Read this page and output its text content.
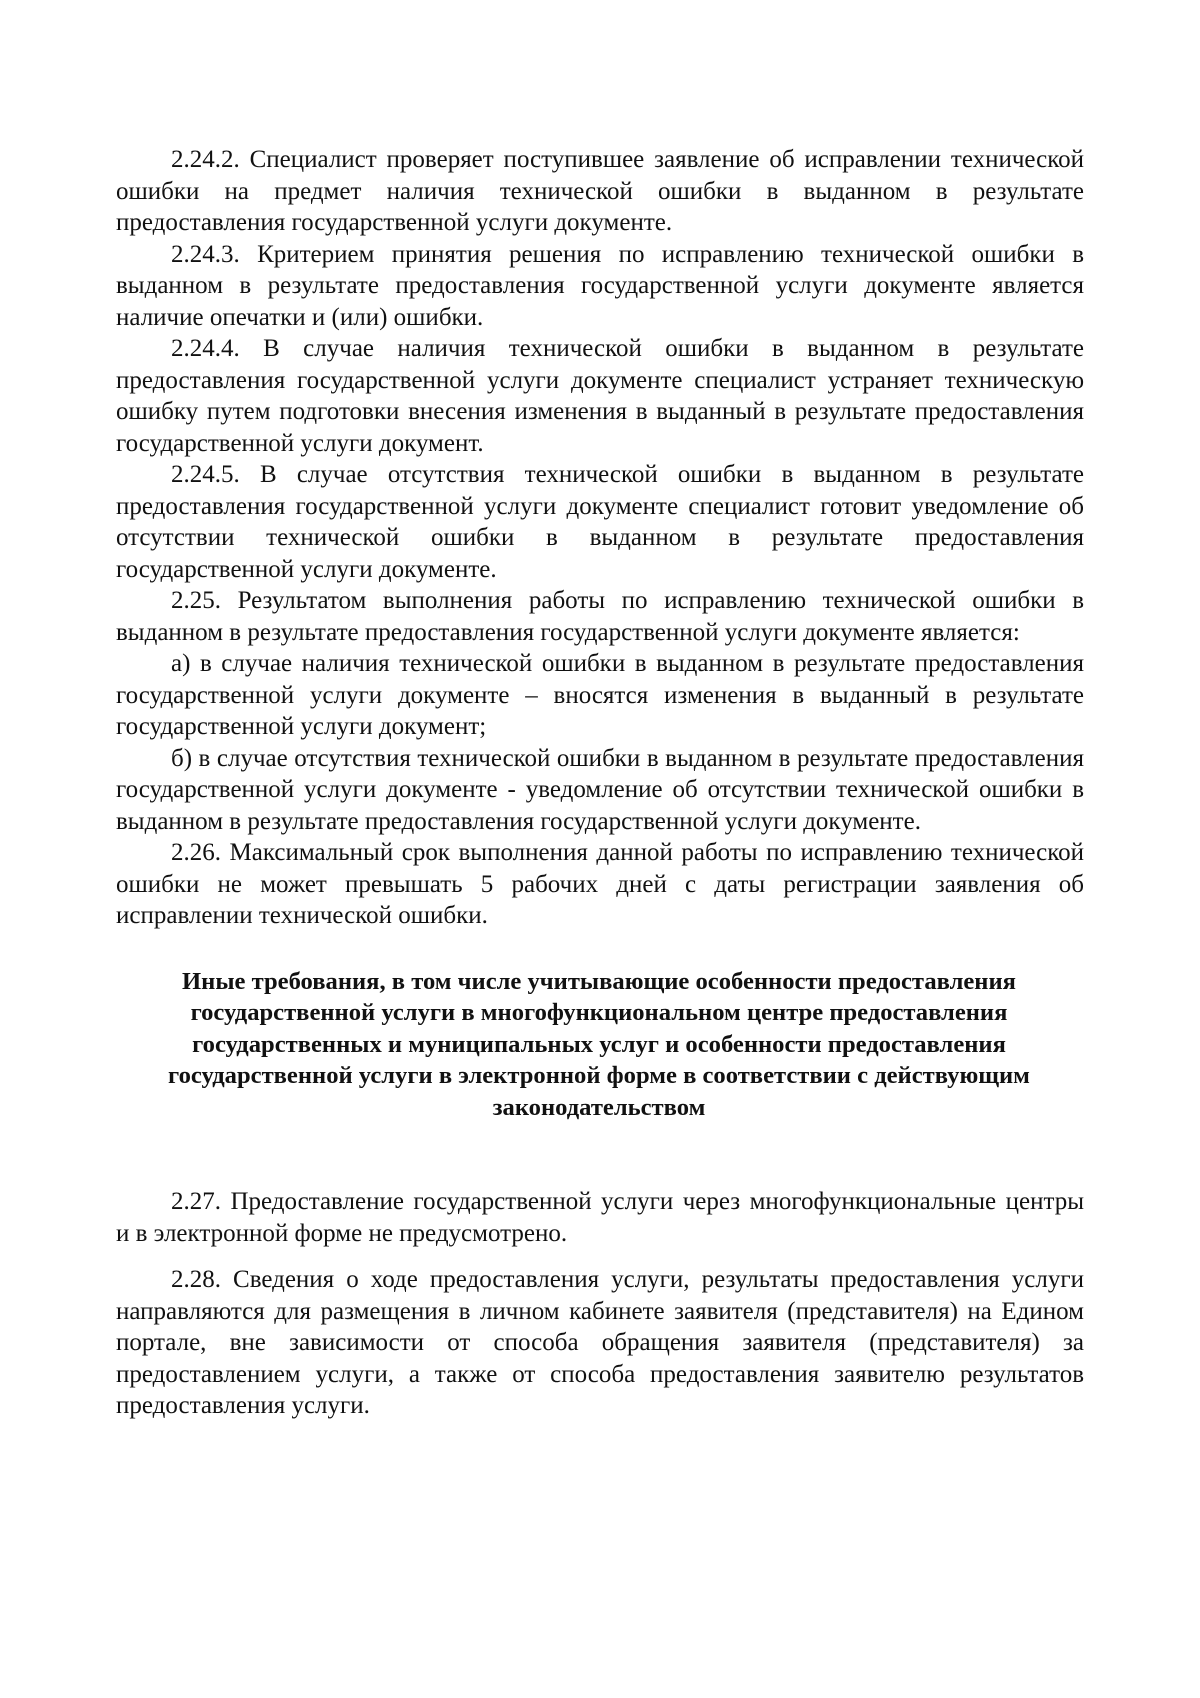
2.24.2. Специалист проверяет поступившее заявление об исправлении технической ошибки на предмет наличия технической ошибки в выданном в результате предоставления государственной услуги документе.

2.24.3. Критерием принятия решения по исправлению технической ошибки в выданном в результате предоставления государственной услуги документе является наличие опечатки и (или) ошибки.

2.24.4. В случае наличия технической ошибки в выданном в результате предоставления государственной услуги документе специалист устраняет техническую ошибку путем подготовки внесения изменения в выданный в результате предоставления государственной услуги документ.

2.24.5. В случае отсутствия технической ошибки в выданном в результате предоставления государственной услуги документе специалист готовит уведомление об отсутствии технической ошибки в выданном в результате предоставления государственной услуги документе.

2.25. Результатом выполнения работы по исправлению технической ошибки в выданном в результате предоставления государственной услуги документе является:

а) в случае наличия технической ошибки в выданном в результате предоставления государственной услуги документе – вносятся изменения в выданный в результате государственной услуги документ;

б) в случае отсутствия технической ошибки в выданном в результате предоставления государственной услуги документе - уведомление об отсутствии технической ошибки в выданном в результате предоставления государственной услуги документе.

2.26. Максимальный срок выполнения данной работы по исправлению технической ошибки не может превышать 5 рабочих дней с даты регистрации заявления об исправлении технической ошибки.

Иные требования, в том числе учитывающие особенности предоставления
государственной услуги в многофункциональном центре предоставления
государственных и муниципальных услуг и особенности предоставления
государственной услуги в электронной форме в соответствии с действующим
законодательством

2.27. Предоставление государственной услуги через многофункциональные центры и в электронной форме не предусмотрено.

2.28. Сведения о ходе предоставления услуги, результаты предоставления услуги направляются для размещения в личном кабинете заявителя (представителя) на Едином портале, вне зависимости от способа обращения заявителя (представителя) за предоставлением услуги, а также от способа предоставления заявителю результатов предоставления услуги.
